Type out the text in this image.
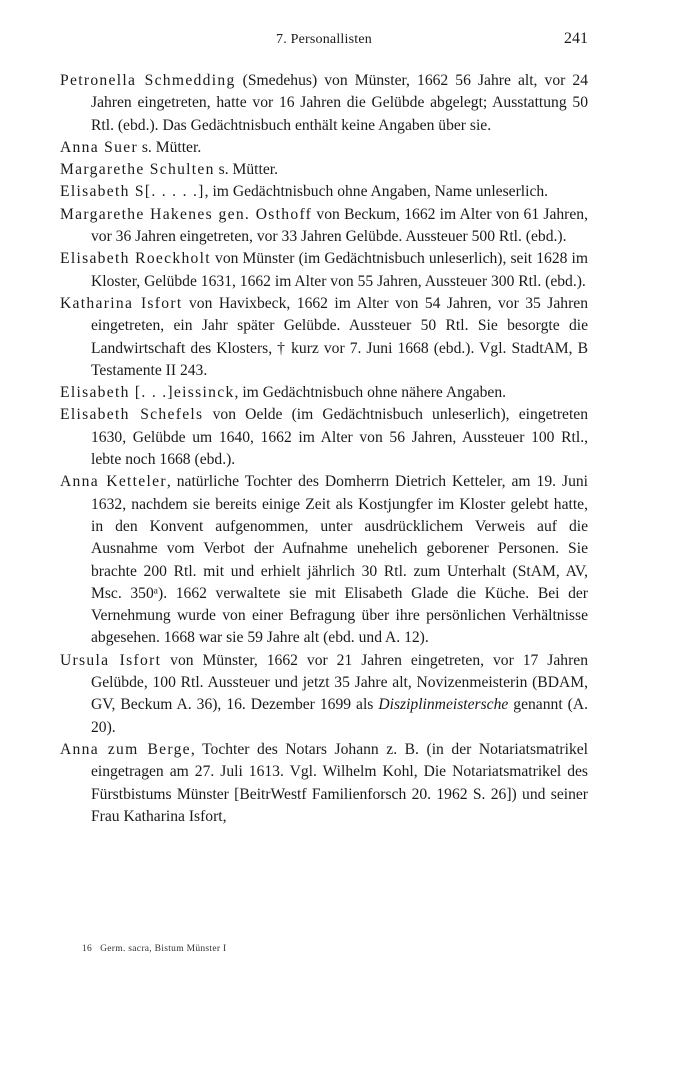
7. Personallisten	241

Petronella Schmedding (Smedehus) von Münster, 1662 56 Jahre alt, vor 24 Jahren eingetreten, hatte vor 16 Jahren die Gelübde abgelegt; Ausstattung 50 Rtl. (ebd.). Das Gedächtnisbuch enthält keine Angaben über sie.

Anna Suer s. Mütter.

Margarethe Schulten s. Mütter.

Elisabeth S[. . . . .], im Gedächtnisbuch ohne Angaben, Name unleserlich.

Margarethe Hakenes gen. Osthoff von Beckum, 1662 im Alter von 61 Jahren, vor 36 Jahren eingetreten, vor 33 Jahren Gelübde. Aussteuer 500 Rtl. (ebd.).

Elisabeth Roeckholt von Münster (im Gedächtnisbuch unleserlich), seit 1628 im Kloster, Gelübde 1631, 1662 im Alter von 55 Jahren, Aussteuer 300 Rtl. (ebd.).

Katharina Isfort von Havixbeck, 1662 im Alter von 54 Jahren, vor 35 Jahren eingetreten, ein Jahr später Gelübde. Aussteuer 50 Rtl. Sie besorgte die Landwirtschaft des Klosters, † kurz vor 7. Juni 1668 (ebd.). Vgl. StadtAM, B Testamente II 243.

Elisabeth [. . .]eissinck, im Gedächtnisbuch ohne nähere Angaben.

Elisabeth Schefels von Oelde (im Gedächtnisbuch unleserlich), eingetreten 1630, Gelübde um 1640, 1662 im Alter von 56 Jahren, Aussteuer 100 Rtl., lebte noch 1668 (ebd.).

Anna Ketteler, natürliche Tochter des Domherrn Dietrich Ketteler, am 19. Juni 1632, nachdem sie bereits einige Zeit als Kostjungfer im Kloster gelebt hatte, in den Konvent aufgenommen, unter ausdrücklichem Verweis auf die Ausnahme vom Verbot der Aufnahme unehelich geborener Personen. Sie brachte 200 Rtl. mit und erhielt jährlich 30 Rtl. zum Unterhalt (StAM, AV, Msc. 350ᵃ). 1662 verwaltete sie mit Elisabeth Glade die Küche. Bei der Vernehmung wurde von einer Befragung über ihre persönlichen Verhältnisse abgesehen. 1668 war sie 59 Jahre alt (ebd. und A. 12).

Ursula Isfort von Münster, 1662 vor 21 Jahren eingetreten, vor 17 Jahren Gelübde, 100 Rtl. Aussteuer und jetzt 35 Jahre alt, Novizenmeisterin (BDAM, GV, Beckum A. 36), 16. Dezember 1699 als Disziplinmeistersche genannt (A. 20).

Anna zum Berge, Tochter des Notars Johann z. B. (in der Notariatsmatrikel eingetragen am 27. Juli 1613. Vgl. Wilhelm Kohl, Die Notariatsmatrikel des Fürstbistums Münster [BeitrWestf Familienforsch 20. 1962 S. 26]) und seiner Frau Katharina Isfort,

16 Germ. sacra, Bistum Münster I
